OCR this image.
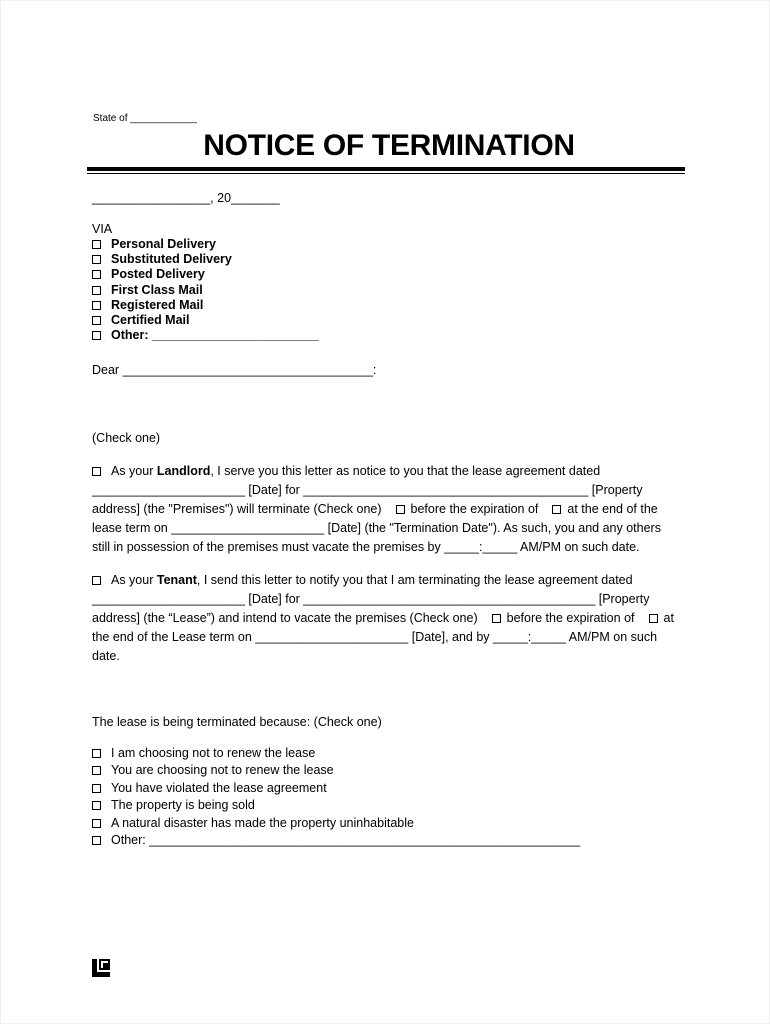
State of ____________
NOTICE OF TERMINATION
_________________, 20_______
VIA
Personal Delivery
Substituted Delivery
Posted Delivery
First Class Mail
Registered Mail
Certified Mail
Other: ________________________
Dear ____________________________________:
(Check one)
As your Landlord, I serve you this letter as notice to you that the lease agreement dated
______________________ [Date] for _________________________________________ [Property
address] (the "Premises") will terminate (Check one) before the expiration of at the end of the
lease term on ______________________ [Date] (the "Termination Date"). As such, you and any others
still in possession of the premises must vacate the premises by _____:_____ AM/PM on such date.
As your Tenant, I send this letter to notify you that I am terminating the lease agreement dated
______________________ [Date] for __________________________________________ [Property
address] (the “Lease”) and intend to vacate the premises (Check one) before the expiration of at
the end of the Lease term on ______________________ [Date], and by _____:_____ AM/PM on such
date.
The lease is being terminated because: (Check one)
I am choosing not to renew the lease
You are choosing not to renew the lease
You have violated the lease agreement
The property is being sold
A natural disaster has made the property uninhabitable
Other: ______________________________________________________________
